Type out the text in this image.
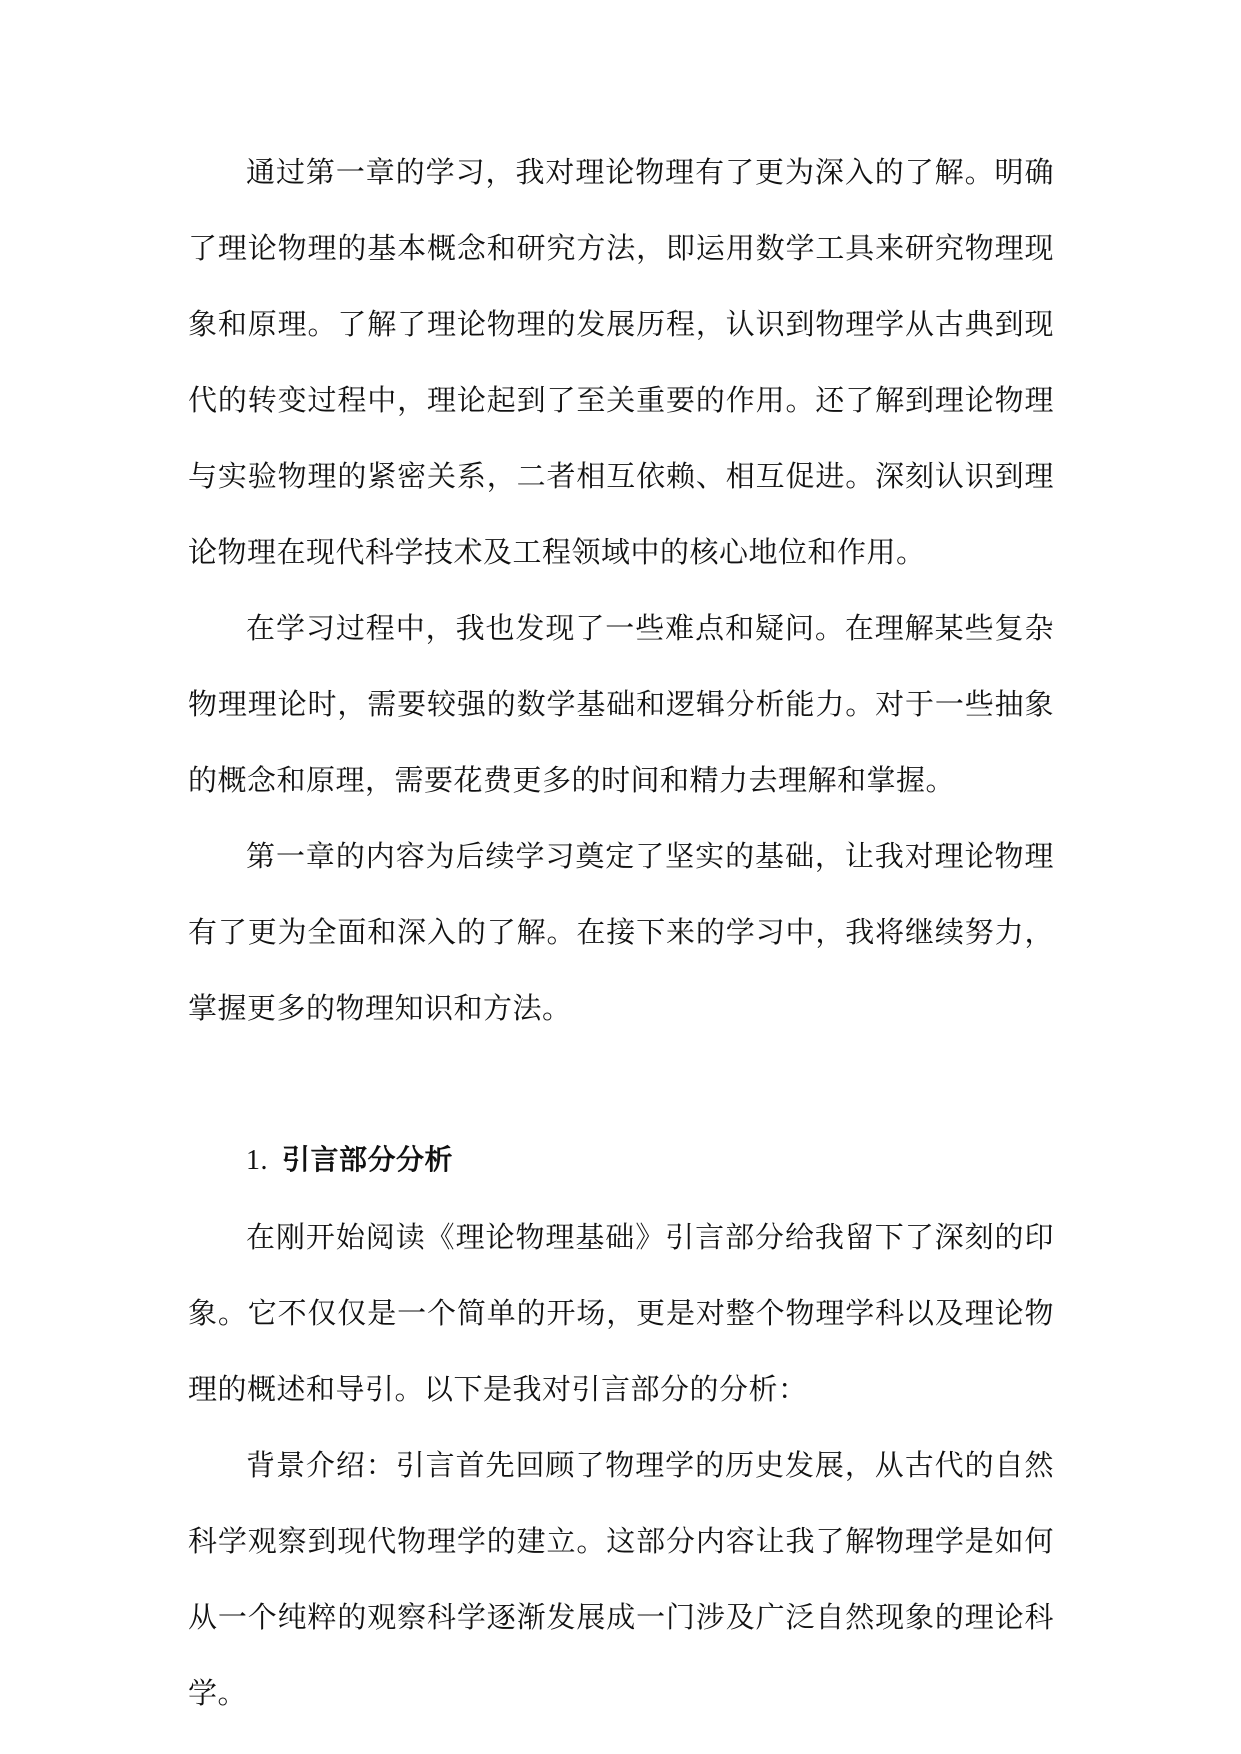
通过第一章的学习，我对理论物理有了更为深入的了解。明确了理论物理的基本概念和研究方法，即运用数学工具来研究物理现象和原理。了解了理论物理的发展历程，认识到物理学从古典到现代的转变过程中，理论起到了至关重要的作用。还了解到理论物理与实验物理的紧密关系，二者相互依赖、相互促进。深刻认识到理论物理在现代科学技术及工程领域中的核心地位和作用。

在学习过程中，我也发现了一些难点和疑问。在理解某些复杂物理理论时，需要较强的数学基础和逻辑分析能力。对于一些抽象的概念和原理，需要花费更多的时间和精力去理解和掌握。

第一章的内容为后续学习奠定了坚实的基础，让我对理论物理有了更为全面和深入的了解。在接下来的学习中，我将继续努力，掌握更多的物理知识和方法。

1. 引言部分分析

在刚开始阅读《理论物理基础》引言部分给我留下了深刻的印象。它不仅仅是一个简单的开场，更是对整个物理学科以及理论物理的概述和导引。以下是我对引言部分的分析：

背景介绍：引言首先回顾了物理学的历史发展，从古代的自然科学观察到现代物理学的建立。这部分内容让我了解物理学是如何从一个纯粹的观察科学逐渐发展成一门涉及广泛自然现象的理论科学。
